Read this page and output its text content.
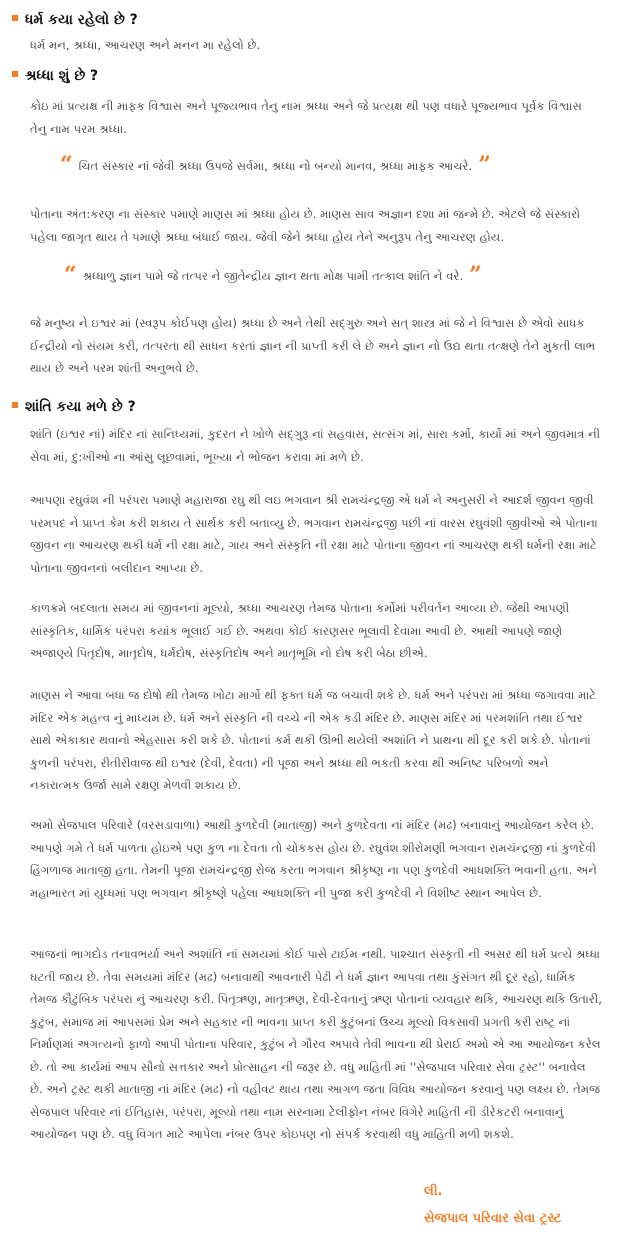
ધર્મ કયા રહેલો છે ?
ધર્મ મન, શ્રધ્ધા, આચરણ અને મનન મા રહેલો છે.
શ્રધ્ધા શું છે ?
કોઇ માં પ્રત્યક્ષ ની માફક વિશ્વાસ અને પૂજ્યભાવ તેનુ નામ શ્રધ્ધા અને જે પ્રત્યક્ષ થી પણ વધારે પૂજ્યભાવ પૂર્વક વિશ્વાસ તેનુ નામ પરમ શ્રધ્ધા.
“ ચિત સંસ્કાર નાં જેવી શ્રધ્ધા ઉપજે સર્વમા, શ્રધ્ધા નો બન્યો માનવ, શ્રધ્ધા માફક આચરે. ”
પોતાના અંત:કરણ ના સંસ્કાર પમાણે માણસ માં શ્રધ્ધા હોય છે. માણસ સાવ અજ્ઞાન દશા માં જન્મે છે. એટલે જે સંસ્કારો પહેલા જાગૃત થાય તે પમાણે શ્રધ્ધા બંધાઈ જાય. જેવી જેને શ્રધ્ધા હોય તેને અનુરૂપ તેનુ આચરણ હોય.
“ શ્રધ્ધાળુ જ્ઞાન પામે જે તત્પર ને જીતેન્દ્રીય જ્ઞાન થતા મોક્ષ પામી તત્કાલ શાંતિ ને વરે. ”
જે મનુષ્ય ને ઇશ્વર માં (સ્વરૂપ કોઈપણ હોય) શ્રધ્ધા છે અને તેથી સદ્ગુરુ અને સત્ શાસ્ત્ર માં જે ને વિશ્વાસ છે એવો સાધક ઈન્દ્રીયો નો સંયમ કરી, તત્પરતા થી સાધન કરતાં જ્ઞાન ની પ્રાપ્તી કરી લે છે અને જ્ઞાન નો ઉદ્ય થતા તત્ક્ષણે તેને મુકતી લાભ થાય છે અને પરમ શાંતી અનુભવે છે.
શાંતિ કયા મળે છે ?
શાંતિ (ઇશ્વર નાં) મંદિર નાં સાનિધ્યમાં, કુદરત ને ખોળે સદ્ગુરૂ નાં સહવાસ, સત્સંગ માં, સારા કર્મો, કાર્યો માં અને જીવમાત્ર ની સેવા માં, દુ:ખીઓ ના આંસુ લૂછવામાં, ભૂખ્યા ને ભોજન કરાવા માં મળે છે.
આપણા રઘુવંશ ની પરંપરા પમાણે મહારાજા રઘુ થી લઇ ભગવાન શ્રી રામચંન્દ્રજી એ ધર્મ ને અનુસરી ને આદર્શ જીવન જીવી પરમપદ ને પ્રાપ્ત કેમ કરી શકાય તે સાર્થક કરી બતાવ્યુ છે. ભગવાન રામચંન્દ્રજી પછી નાં વારસ રઘુવંશી જીવીઓ એ પોતાના જીવન ના આચરણ થકી ધર્મ ની રક્ષા માટે, ગાય અને સંસ્કૃતિ ની રક્ષા માટે પોતાના જીવન નાં આચરણ થકી ધર્મની રક્ષા માટે પોતાના જીવનનાં બલીદાન આપ્યા છે.
કાળક્રમે બદલાતા સમય માં જીવનનાં મૂલ્યો, શ્રધ્ધા આચરણ તેમજ પોતાના કર્મોમાં પરીવર્તન આવ્યા છે. જેથી આપણી સાંસ્કૃતિક, ધાર્મિક પરંપરા કયાંક ભૂલાઈ ગઈ છે. અથવા કોઈ કારણસર ભૂલાવી દેવામા આવી છે. આથી આપણે જાણે અજાણ્યે પિતૃદોષ, માતૃદોષ, ધર્મદોષ, સંસ્કૃતિદોષ અને માતૃભૂમિ નો દોષ કરી બેઠા છીએ.
માણસ ને આવા બધા જ દોષો થી તેમજ ખોટા માર્ગો થી ફક્ત ધર્મ જ બચાવી શકે છે. ધર્મ અને પરંપરા માં શ્રધ્ધા જગાવવા માટે મંદિર એક મહત્વ નું માધ્યમ છે. ધર્મ અને સંસ્કૃતિ ની વચ્ચે ની એક કડી મંદિર છે. માણસ મંદિર માં પરમશાંતિ તથા ઈશ્વર સાથે એકાકાર થવાનો એહસાસ કરી શકે છે. પોતાનાં કર્મ થકી ઊભી થયેલી અશાંતિ ને પ્રાથના થી દૂર કરી શકે છે. પોતાનાં કુળની પરંપરા, રીતીરીવાજ થી ઇશ્વર (દેવી, દેવતા) ની પૂજા અને શ્રધ્ધા થી ભકતી કરવા થી અનિષ્ટ પરિબળો અને નકારાત્મક ઉર્જા સામે રક્ષણ મેળવી શકાય છે.
અમો સેજપાલ પરિવારે (વરસડાવાળા) આથી કુળદેવી (માતાજી) અને કુળદેવતા નાં મંદિર (મઢ) બનાવાનું આયોજન કરેલ છે. આપણે ગમે તે ધર્મ પાળતા હોઇએ પણ કુળ ના દેવતા તો ચોકકસ હોય છે. રઘુવંશ શીરોમણી ભગવાન રામચંન્દ્રજી નાં કુળદેવી હિંગળાજ માતાજી હતા. તેમની પૂજા રામચંન્દ્રજી રોજ કરતા ભગવાન શ્રીકૃષ્ણ ના પણ કુળદેવી આધશક્તિ ભવાની હતા. અને મહાભારત માં યુધ્ધમાં પણ ભગવાન શ્રીકૃષ્ણે પહેલા આધશક્તિ ની પુજા કરી કુળદેવી ને વિશીષ્ટ સ્થાન આપેલ છે.
આજનાં ભાગદોડ તનાવભર્યા અને અશાંતિ નાં સમયમાં કોઈ પાસે ટાઈમ નથી. પાશ્ચાત સંસ્કૃતી ની અસર થી ધર્મ પ્રત્યે શ્રધ્ધા ઘટતી જાય છે. તેવા સમયમાં મંદિર (મઢ) બનાવાથી આવનારી પેઢી ને ધર્મ જ્ઞાન આપવા તથા કુંસંગત થી દૂર રહો, ધાર્મિક તેમજ કૌટુંબિક પરંપરા નું આચરણ કરી. પિતૃઋણ, માતૃઋણ, દેવી-દેવતાનું ઋણ પોતાનાં વ્યવહાર થકિ, આચરણ થકિ ઉતારી, કુટુંબ, સમાજ માં આપસમાં પ્રેમ અને સહકાર ની ભાવના પ્રાપ્ત કરી કુટુંબનાં ઉચ્ચ મૂલ્યો વિકસાવી પ્રગતી કરી રાષ્ટ્ર નાં નિર્માણમાં અગત્યનો ફાળો આપી પોતાના પરિવાર, કુટુંબ ને ગૌરવ અપાવે તેવી ભાવના થી પ્રેરાઈ અમો એ આ આયોજન કરેલ છે. તો આ કાર્યમાં આપ સૌનો સત્તકાર અને પ્રોત્સાહન ની જરૂર છે. વધુ માહિતી માં ''સેજપાલ પરિવાર સેવા ટ્રસ્ટ'' બનાવેલ છે. અને ટ્રસ્ટ થકી માતાજી નાં મંદિર (મઢ) નો વહીવટ થાય તથા આગળ જતા વિવિધ આયોજન કરવાનું પણ લક્ષ્ય છે. તેમજ સેજપાલ પરિવાર નાં ઈતિહાસ, પરંપરા, મૂલ્યો તથા નામ સરનામા ટેલીફોન નંબર વિગેરે માહિતી ની ડીરેકટરી બનાવાનું આયોજન પણ છે. વધુ વિગત માટે આપેલા નંબર ઉપર કોઇપણ નો સંપર્ક કરવાથી વધુ માહિતી મળી શકશે.
લી.
સેજપાલ પરિવાર સેવા ટ્રસ્ટ
